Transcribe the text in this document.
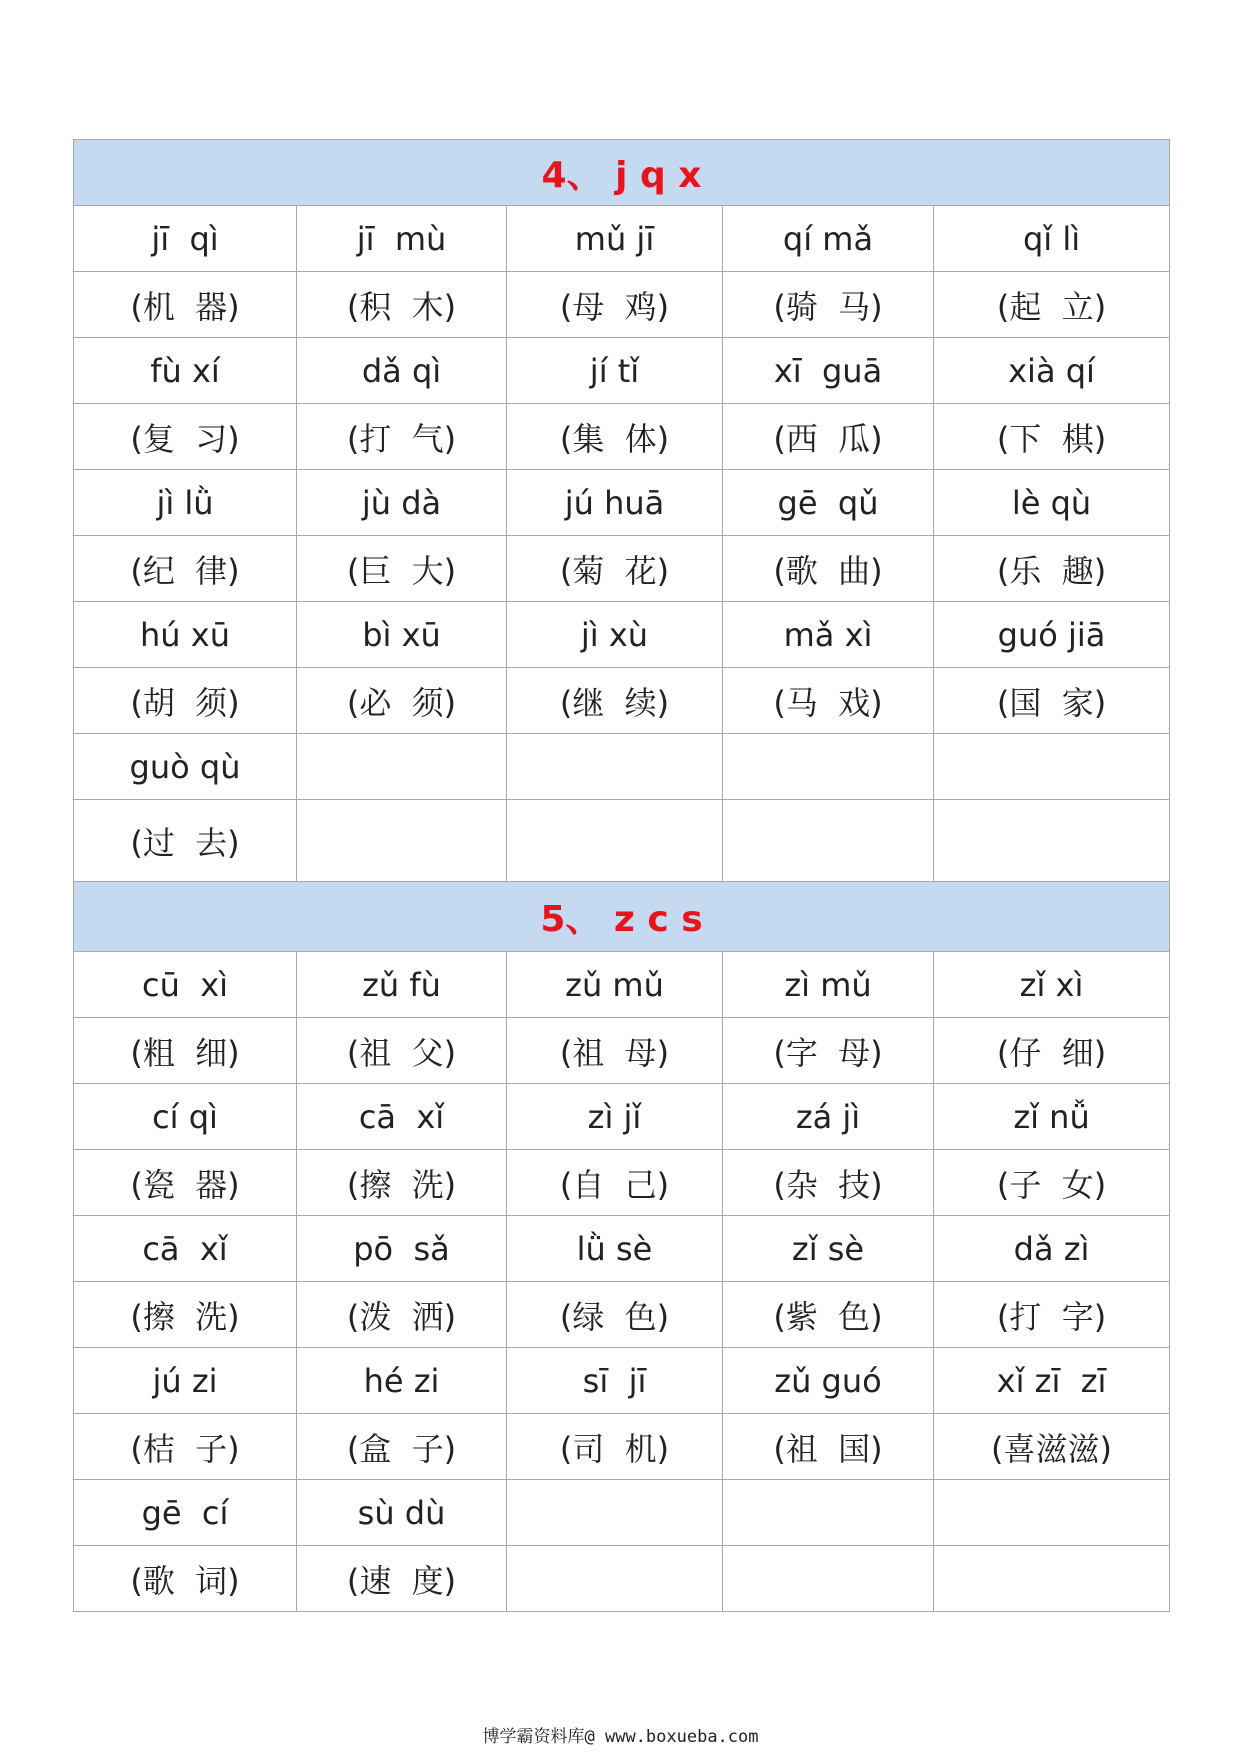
4、 j q x				
jī  qì	jī  mù	mǔ jī	qí mǎ	qǐ lì
(机  器)	(积  木)	(母  鸡)	(骑  马)	(起  立)
fù xí	dǎ qì	jí tǐ	xī  guā	xià qí
(复  习)	(打  气)	(集  体)	(西  瓜)	(下  棋)
jì lǜ	jù dà	jú huā	gē  qǔ	lè qù
(纪  律)	(巨  大)	(菊  花)	(歌  曲)	(乐  趣)
hú xū	bì xū	jì xù	mǎ xì	guó jiā
(胡  须)	(必  须)	(继  续)	(马  戏)	(国  家)
guò qù				
(过  去)				
5、 z c s				
cū  xì	zǔ fù	zǔ mǔ	zì mǔ	zǐ xì
(粗  细)	(祖  父)	(祖  母)	(字  母)	(仔  细)
cí qì	cā  xǐ	zì jǐ	zá jì	zǐ nǚ
(瓷  器)	(擦  洗)	(自  己)	(杂  技)	(子  女)
cā  xǐ	pō  sǎ	lǜ sè	zǐ sè	dǎ zì
(擦  洗)	(泼  洒)	(绿  色)	(紫  色)	(打  字)
jú zi	hé zi	sī  jī	zǔ guó	xǐ zī  zī
(桔  子)	(盒  子)	(司  机)	(祖  国)	(喜滋滋)
gē  cí	sù dù			
(歌  词)	(速  度)			
博学霸资料库@ www.boxueba.com
